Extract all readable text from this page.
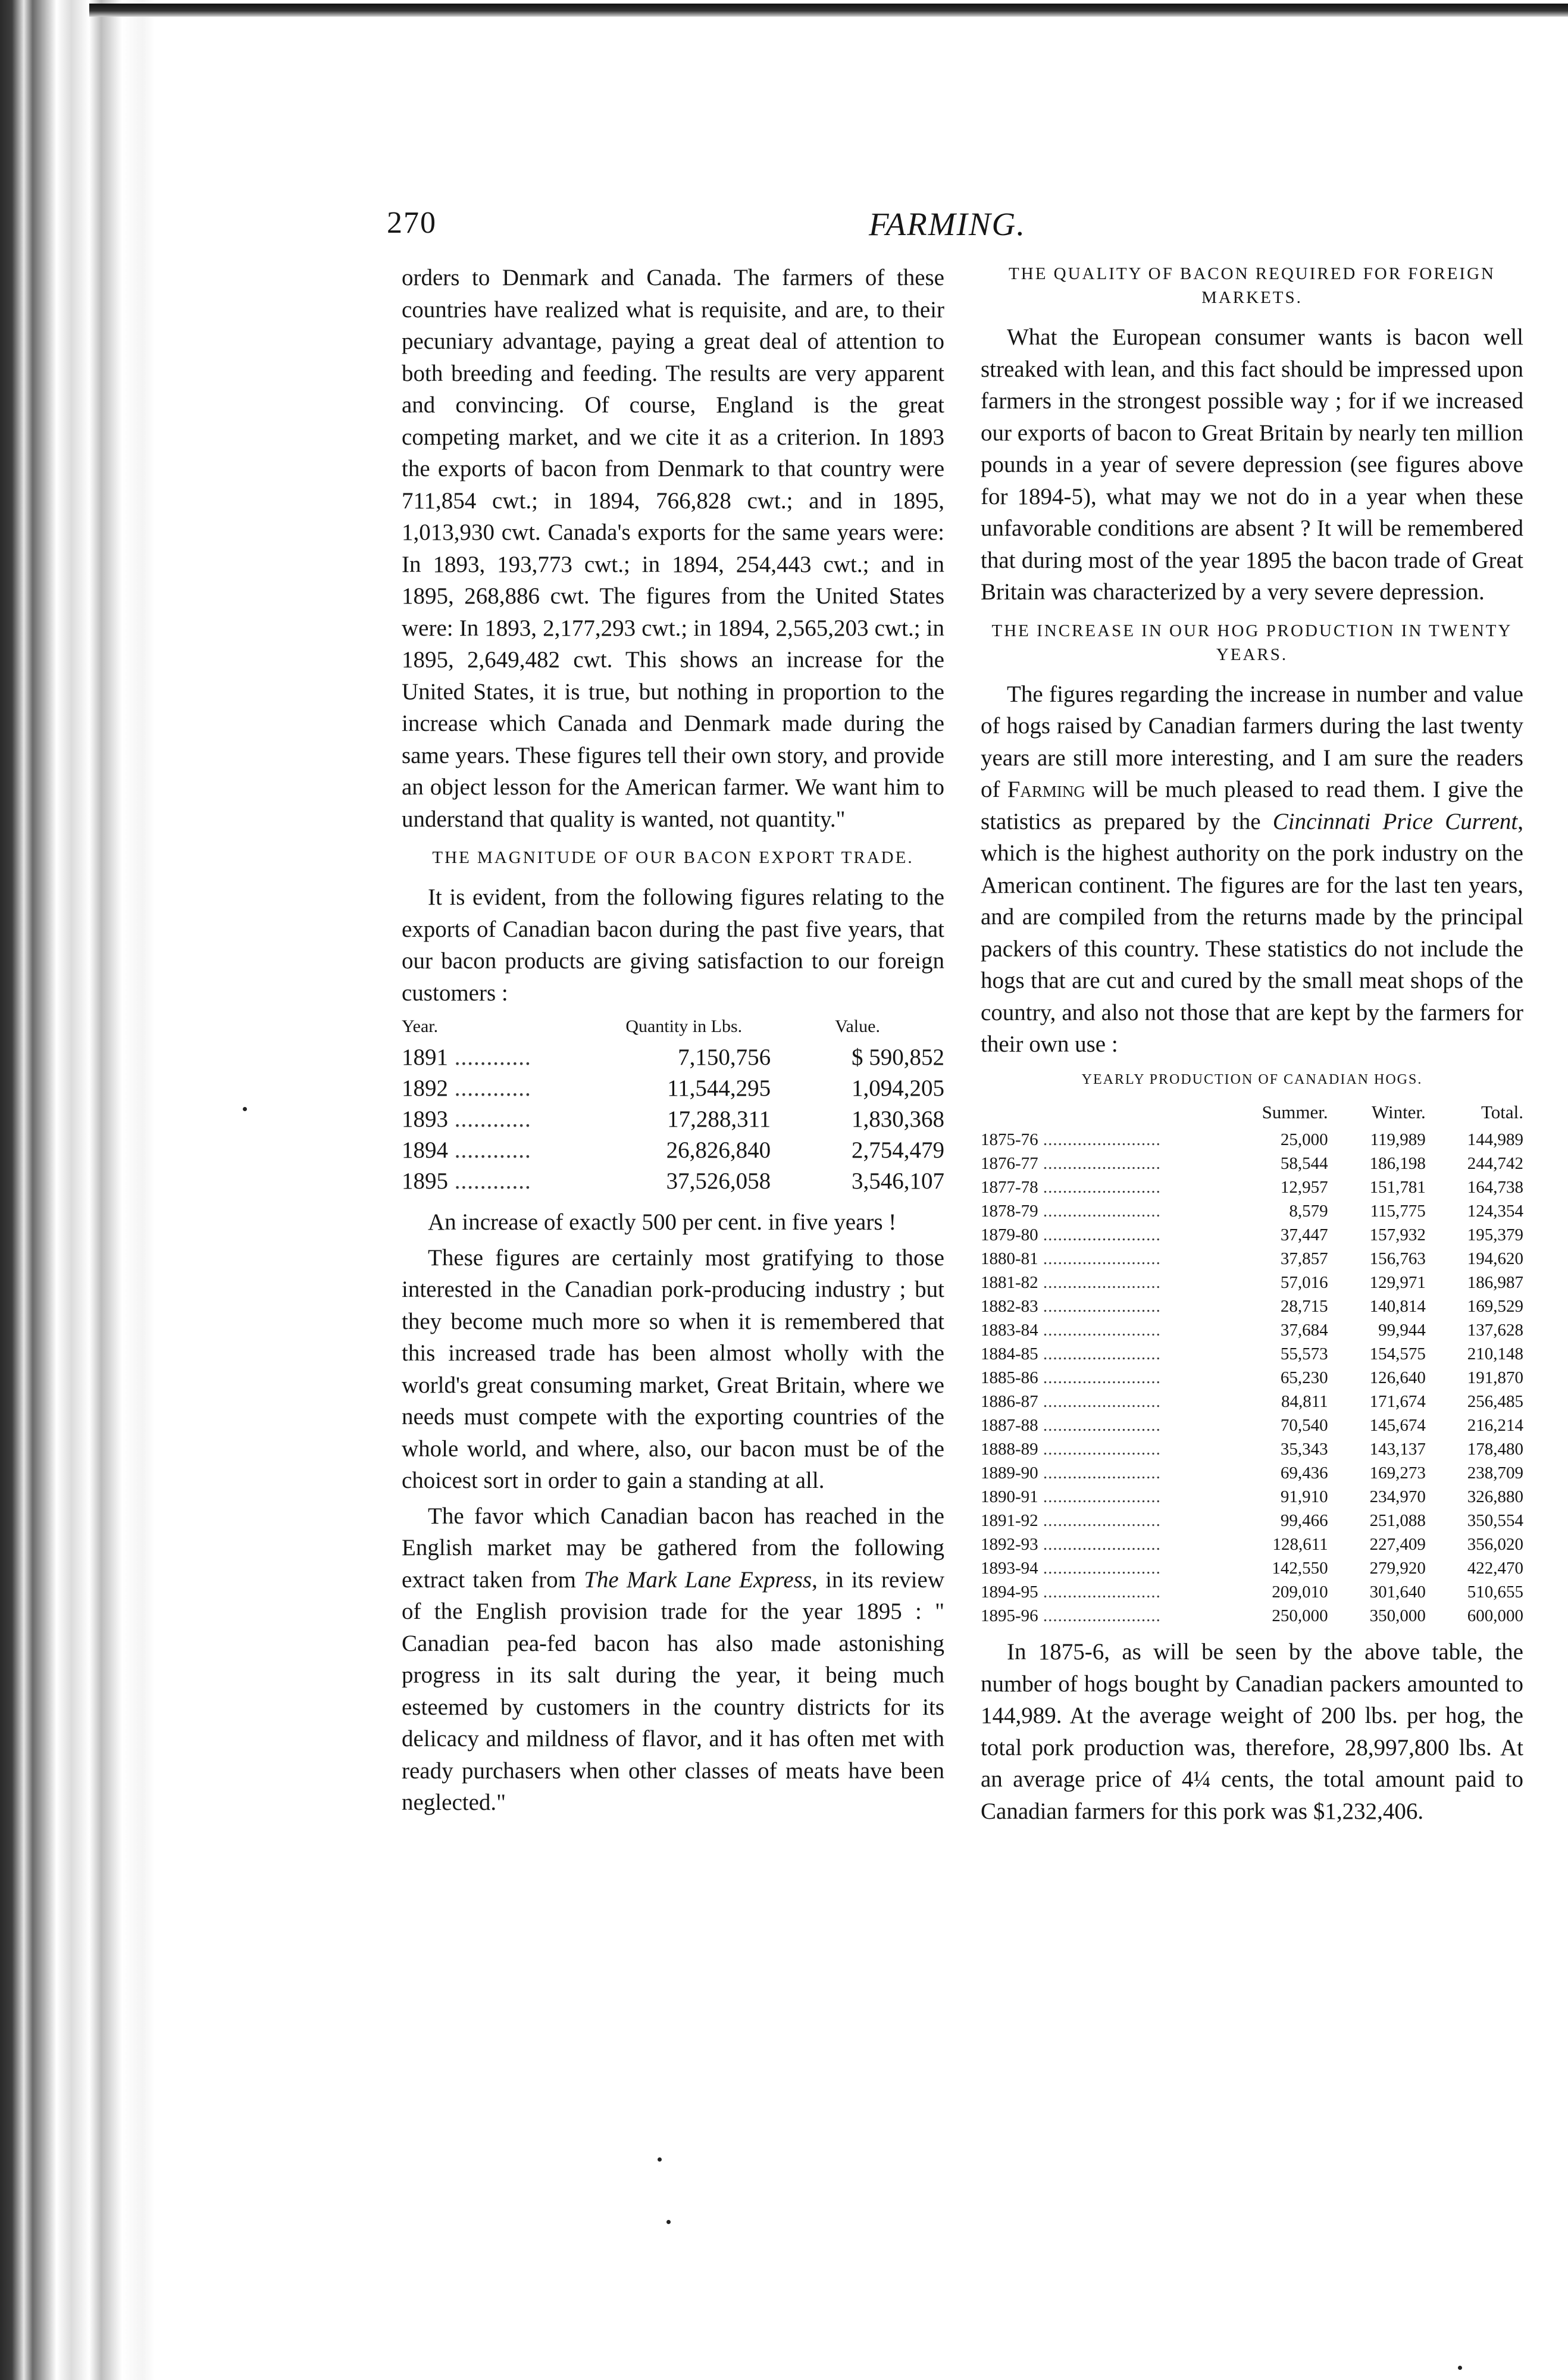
270	FARMING.

orders to Denmark and Canada. The farmers of these countries have realized what is requisite, and are, to their pecuniary advantage, paying a great deal of attention to both breeding and feeding. The results are very apparent and convincing. Of course, England is the great competing market, and we cite it as a criterion. In 1893 the exports of bacon from Denmark to that country were 711,854 cwt.; in 1894, 766,828 cwt.; and in 1895, 1,013,930 cwt. Canada's exports for the same years were: In 1893, 193,773 cwt.; in 1894, 254,443 cwt.; and in 1895, 268,886 cwt. The figures from the United States were: In 1893, 2,177,293 cwt.; in 1894, 2,565,203 cwt.; in 1895, 2,649,482 cwt. This shows an increase for the United States, it is true, but nothing in proportion to the increase which Canada and Denmark made during the same years. These figures tell their own story, and provide an object lesson for the American farmer. We want him to understand that quality is wanted, not quantity."

THE MAGNITUDE OF OUR BACON EXPORT TRADE.

It is evident, from the following figures relating to the exports of Canadian bacon during the past five years, that our bacon products are giving satisfaction to our foreign customers :

Year.	Quantity in Lbs.	Value.
1891 ............	7,150,756	$ 590,852
1892 ............	11,544,295	1,094,205
1893 ............	17,288,311	1,830,368
1894 ............	26,826,840	2,754,479
1895 ............	37,526,058	3,546,107

An increase of exactly 500 per cent. in five years !

These figures are certainly most gratifying to those interested in the Canadian pork-producing industry ; but they become much more so when it is remembered that this increased trade has been almost wholly with the world's great consuming market, Great Britain, where we needs must compete with the exporting countries of the whole world, and where, also, our bacon must be of the choicest sort in order to gain a standing at all.

The favor which Canadian bacon has reached in the English market may be gathered from the following extract taken from The Mark Lane Express, in its review of the English provision trade for the year 1895 : " Canadian pea-fed bacon has also made astonishing progress in its salt during the year, it being much esteemed by customers in the country districts for its delicacy and mildness of flavor, and it has often met with ready purchasers when other classes of meats have been neglected."

THE QUALITY OF BACON REQUIRED FOR FOREIGN MARKETS.

What the European consumer wants is bacon well streaked with lean, and this fact should be impressed upon farmers in the strongest possible way ; for if we increased our exports of bacon to Great Britain by nearly ten million pounds in a year of severe depression (see figures above for 1894-5), what may we not do in a year when these unfavorable conditions are absent ? It will be remembered that during most of the year 1895 the bacon trade of Great Britain was characterized by a very severe depression.

THE INCREASE IN OUR HOG PRODUCTION IN TWENTY YEARS.

The figures regarding the increase in number and value of hogs raised by Canadian farmers during the last twenty years are still more interesting, and I am sure the readers of Farming will be much pleased to read them. I give the statistics as prepared by the Cincinnati Price Current, which is the highest authority on the pork industry on the American continent. The figures are for the last ten years, and are compiled from the returns made by the principal packers of this country. These statistics do not include the hogs that are cut and cured by the small meat shops of the country, and also not those that are kept by the farmers for their own use :

YEARLY PRODUCTION OF CANADIAN HOGS.
	Summer.	Winter.	Total.
1875-76 ........................	25,000	119,989	144,989
1876-77 ........................	58,544	186,198	244,742
1877-78 ........................	12,957	151,781	164,738
1878-79 ........................	8,579	115,775	124,354
1879-80 ........................	37,447	157,932	195,379
1880-81 ........................	37,857	156,763	194,620
1881-82 ........................	57,016	129,971	186,987
1882-83 ........................	28,715	140,814	169,529
1883-84 ........................	37,684	99,944	137,628
1884-85 ........................	55,573	154,575	210,148
1885-86 ........................	65,230	126,640	191,870
1886-87 ........................	84,811	171,674	256,485
1887-88 ........................	70,540	145,674	216,214
1888-89 ........................	35,343	143,137	178,480
1889-90 ........................	69,436	169,273	238,709
1890-91 ........................	91,910	234,970	326,880
1891-92 ........................	99,466	251,088	350,554
1892-93 ........................	128,611	227,409	356,020
1893-94 ........................	142,550	279,920	422,470
1894-95 ........................	209,010	301,640	510,655
1895-96 ........................	250,000	350,000	600,000

In 1875-6, as will be seen by the above table, the number of hogs bought by Canadian packers amounted to 144,989. At the average weight of 200 lbs. per hog, the total pork production was, therefore, 28,997,800 lbs. At an average price of 4¼ cents, the total amount paid to Canadian farmers for this pork was $1,232,406.
